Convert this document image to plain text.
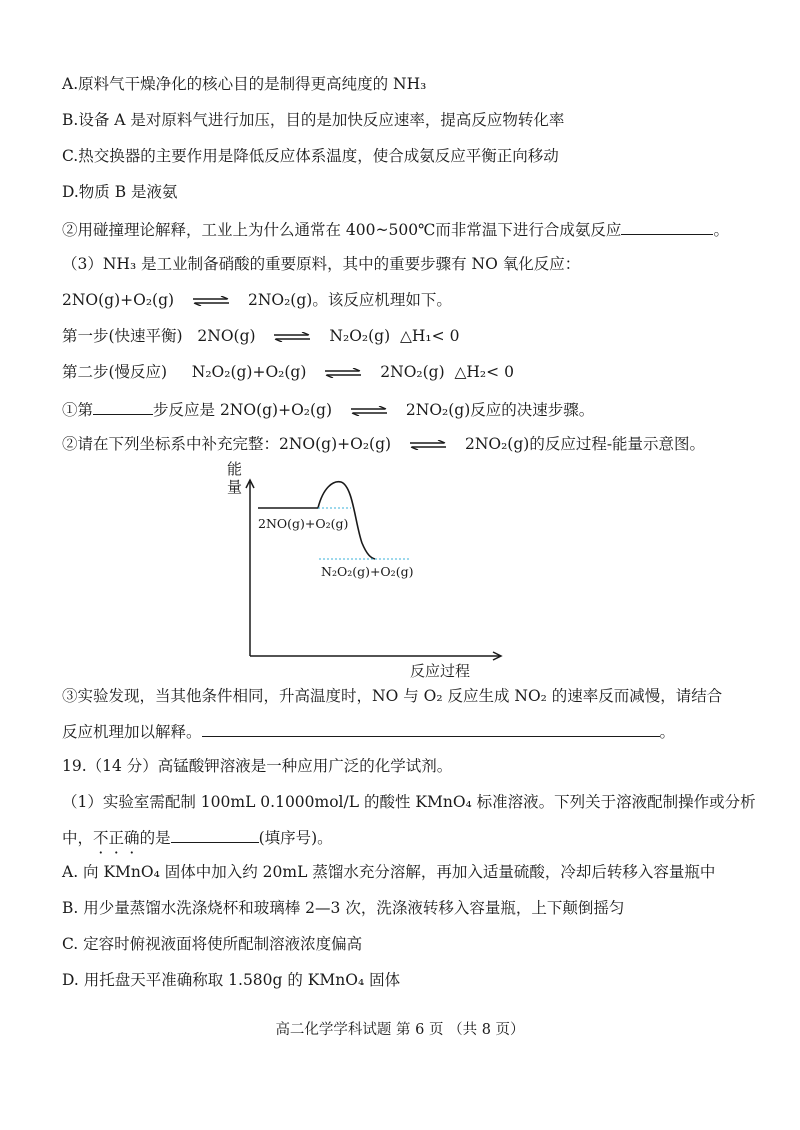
A.原料气干燥净化的核心目的是制得更高纯度的 NH₃
B.设备 A 是对原料气进行加压，目的是加快反应速率，提高反应物转化率
C.热交换器的主要作用是降低反应体系温度，使合成氨反应平衡正向移动
D.物质 B 是液氨
②用碰撞理论解释，工业上为什么通常在 400~500℃而非常温下进行合成氨反应	。
（3）NH₃ 是工业制备硝酸的重要原料，其中的重要步骤有 NO 氧化反应：
2NO(g)+O₂(g) ⇌ 2NO₂(g)。该反应机理如下。
第一步(快速平衡) 2NO(g) ⇌ N₂O₂(g) △H₁< 0
第二步(慢反应) N₂O₂(g)+O₂(g) ⇌ 2NO₂(g) △H₂< 0
①第	步反应是 2NO(g)+O₂(g) ⇌ 2NO₂(g)反应的决速步骤。
②请在下列坐标系中补充完整：2NO(g)+O₂(g) ⇌ 2NO₂(g)的反应过程-能量示意图。
能
量
2NO(g)+O₂(g)
N₂O₂(g)+O₂(g)
反应过程
③实验发现，当其他条件相同，升高温度时，NO 与 O₂ 反应生成 NO₂ 的速率反而减慢，请结合
反应机理加以解释。	。
19.（14 分）高锰酸钾溶液是一种应用广泛的化学试剂。
（1）实验室需配制 100mL 0.1000mol/L 的酸性 KMnO₄ 标准溶液。下列关于溶液配制操作或分析
中，不正确的是	(填序号)。
A. 向 KMnO₄ 固体中加入约 20mL 蒸馏水充分溶解，再加入适量硫酸，冷却后转移入容量瓶中
B. 用少量蒸馏水洗涤烧杯和玻璃棒 2—3 次，洗涤液转移入容量瓶，上下颠倒摇匀
C. 定容时俯视液面将使所配制溶液浓度偏高
D. 用托盘天平准确称取 1.580g 的 KMnO₄ 固体
高二化学学科试题 第 6 页 （共 8 页）
